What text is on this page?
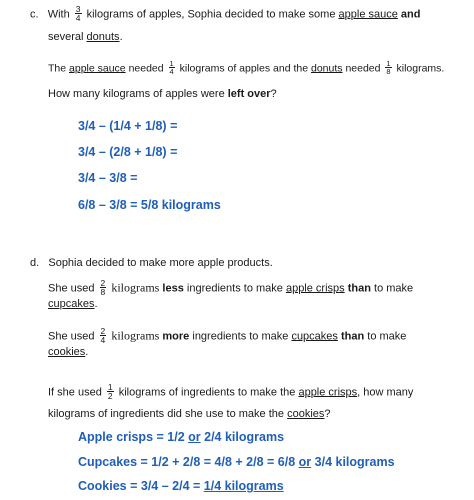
c. With $\frac{3}{4}$ kilograms of apples, Sophia decided to make some apple sauce and
several donuts.
The apple sauce needed $\frac{1}{4}$ kilograms of apples and the donuts needed $\frac{1}{8}$ kilograms.
How many kilograms of apples were left over?
3/4 – (1/4 + 1/8) =
3/4 – (2/8 + 1/8) =
3/4 – 3/8 =
6/8 – 3/8 = 5/8 kilograms
d. Sophia decided to make more apple products.
She used $\frac{2}{8}$ kilograms less ingredients to make apple crisps than to make
cupcakes.
She used $\frac{2}{4}$ kilograms more ingredients to make cupcakes than to make
cookies.
If she used $\frac{1}{2}$ kilograms of ingredients to make the apple crisps, how many
kilograms of ingredients did she use to make the cookies?
Apple crisps = 1/2 or 2/4 kilograms
Cupcakes = 1/2 + 2/8 = 4/8 + 2/8 = 6/8 or 3/4 kilograms
Cookies = 3/4 – 2/4 = 1/4 kilograms
